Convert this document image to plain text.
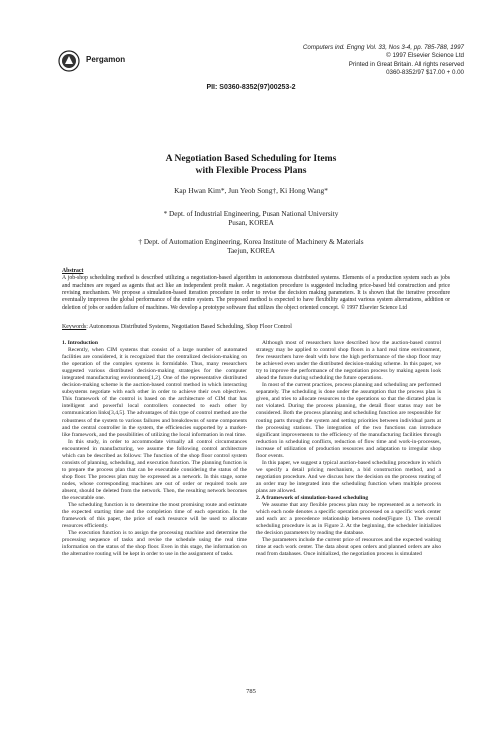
Pergamon
Computers ind. Engng Vol. 33, Nos 3-4, pp. 785-788, 1997
© 1997 Elsevier Science Ltd
Printed in Great Britain. All rights reserved
0360-8352/97 $17.00 + 0.00
PII: S0360-8352(97)00253-2
A Negotiation Based Scheduling for Items
with Flexible Process Plans
Kap Hwan Kim*, Jun Yeob Song†, Ki Hong Wang*
* Dept. of Industrial Engineering, Pusan National University
Pusan, KOREA
† Dept. of Automation Engineering, Korea Institute of Machinery & Materials
Taejun, KOREA
Abstract
A job-shop scheduling method is described utilizing a negotiation-based algorithm in autonomous distributed systems. Elements of a production system such as jobs and machines are regard as agents that act like an independent profit maker. A negotiation procedure is suggested including price-based bid construction and price revising mechanism. We propose a simulation-based iteration procedure in order to revise the decision making parameters. It is shown that the iterative procedure eventually improves the global performance of the entire system. The proposed method is expected to have flexibility against various system alternations, addition or deletion of jobs or sudden failure of machines. We develop a prototype software that utilizes the object oriented concept. © 1997 Elsevier Science Ltd
Keywords: Autonomous Distributed Systems, Negotiation Based Scheduling, Shop Floor Control

1. Introduction

Recently, when CIM systems that consist of a large number of automated facilities are considered, it is recognized that the centralized decision-making on the operation of the complex systems is formidable. Thus, many researchers suggested various distributed decision-making strategies for the computer integrated manufacturing environment[1,2]. One of the representative distributed decision-making scheme is the auction-based control method in which interacting subsystems negotiate with each other in order to achieve their own objectives. This framework of the control is based on the architecture of CIM that has intelligent and powerful local controllers connected to each other by communication links[3,4,5]. The advantages of this type of control method are the robustness of the system to various failures and breakdowns of some components and the central controller in the system, the efficiencies supported by a market-like framework, and the possibilities of utilizing the local information in real time.

In this study, in order to accommodate virtually all control circumstances encountered in manufacturing, we assume the following control architecture which can be described as follows: The function of the shop floor control system consists of planning, scheduling, and execution function. The planning function is to prepare the process plan that can be executable considering the status of the shop floor. The process plan may be expressed as a network. In this stage, some nodes, whose corresponding machines are out of order or required tools are absent, should be deleted from the network. Then, the resulting network becomes the executable one.

The scheduling function is to determine the most promising route and estimate the expected starting time and the completion time of each operation. In the framework of this paper, the price of each resource will be used to allocate resources efficiently.

The execution function is to assign the processing machine and determine the processing sequence of tasks and revise the schedule using the real time information on the status of the shop floor. Even in this stage, the information on the alternative routing will be kept in order to use in the assignment of tasks.

Although most of researchers have described how the auction-based control strategy may be applied to control shop floors in a hard real time environment, few researchers have dealt with how the high performance of the shop floor may be achieved even under the distributed decision-making scheme. In this paper, we try to improve the performance of the negotiation process by making agents look ahead the future during scheduling the future operations.

In most of the current practices, process planning and scheduling are performed separately. The scheduling is done under the assumption that the process plan is given, and tries to allocate resources to the operations so that the dictated plan is not violated. During the process planning, the detail floor status may not be considered. Both the process planning and scheduling function are responsible for routing parts through the system and setting priorities between individual parts at the processing stations. The integration of the two functions can introduce significant improvements to the efficiency of the manufacturing facilities through reduction in scheduling conflicts, reduction of flow time and work-in-processes, increase of utilization of production resources and adaptation to irregular shop floor events.

In this paper, we suggest a typical auction-based scheduling procedure in which we specify a detail pricing mechanism, a bid construction method, and a negotiation procedure. And we discuss how the decision on the process routing of an order may be integrated into the scheduling function when multiple process plans are allowed.

2. A framework of simulation-based scheduling

We assume that any flexible process plan may be represented as a network in which each node denotes a specific operation processed on a specific work center and each arc a precedence relationship between nodes(Figure 1). The overall scheduling procedure is as in Figure 2. At the beginning, the scheduler initializes the decision parameters by reading the database.

The parameters include the current price of resources and the expected waiting time at each work center. The data about open orders and planned orders are also read from databases. Once initialized, the negotiation process is simulated

785
